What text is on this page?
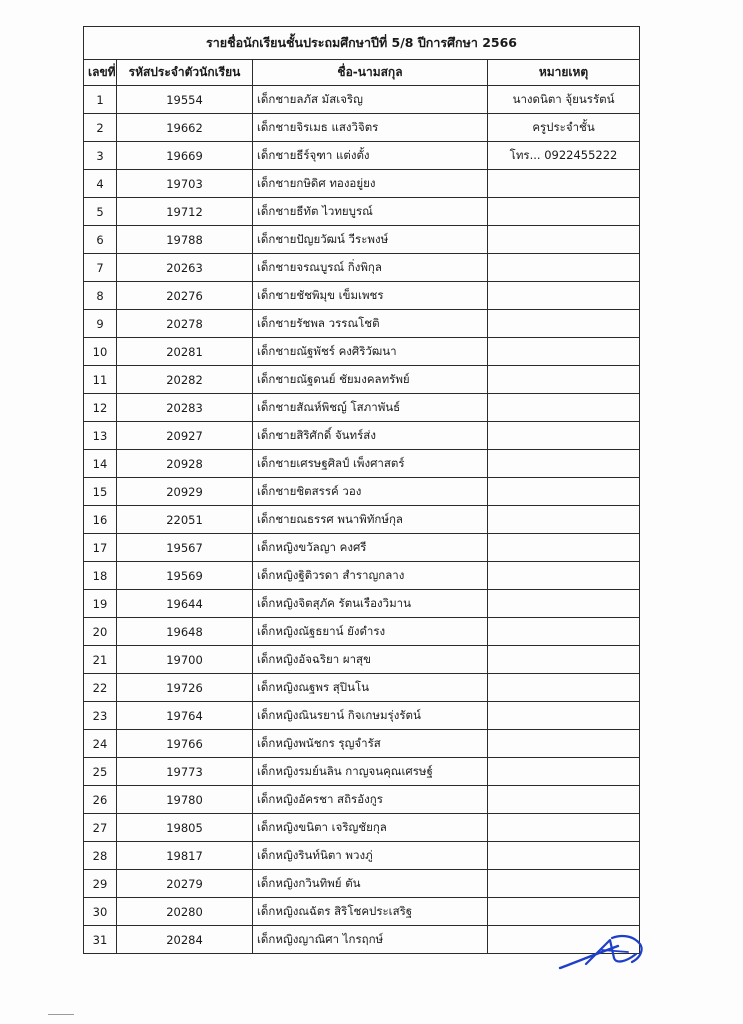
รายชื่อนักเรียนชั้นประถมศึกษาปีที่ 5/8 ปีการศึกษา 2566			
เลขที่	รหัสประจำตัวนักเรียน	ชื่อ-นามสกุล	หมายเหตุ
1	19554	เด็กชายลภัส มัสเจริญ	นางดนิตา จุ้ยนรรัตน์
2	19662	เด็กชายจิรเมธ แสงวิจิตร	ครูประจำชั้น
3	19669	เด็กชายธีร์จุฑา แต่งตั้ง	โทร... 0922455222
4	19703	เด็กชายกษิดิศ ทองอยู่ยง	
5	19712	เด็กชายธีทัต ไวทยบูรณ์	
6	19788	เด็กชายปัญยวัฒน์ วีระพงษ์	
7	20263	เด็กชายจรณบูรณ์ กิ่งพิกุล	
8	20276	เด็กชายชัชพิมุข เข็มเพชร	
9	20278	เด็กชายรัชพล วรรณโชติ	
10	20281	เด็กชายณัฐพัชร์ คงศิริวัฒนา	
11	20282	เด็กชายณัฐดนย์ ชัยมงคลทรัพย์	
12	20283	เด็กชายสัณห์พิชญ์ โสภาพันธ์	
13	20927	เด็กชายสิริศักดิ์ จันทร์ส่ง	
14	20928	เด็กชายเศรษฐศิลป์ เพ็งศาสตร์	
15	20929	เด็กชายชิตสรรค์ วอง	
16	22051	เด็กชายณธรรศ พนาพิทักษ์กุล	
17	19567	เด็กหญิงขวัลญา คงศรี	
18	19569	เด็กหญิงฐิติวรดา สำราญกลาง	
19	19644	เด็กหญิงจิตสุภัค รัตนเรืองวิมาน	
20	19648	เด็กหญิงณัฐธยาน์ ยังดำรง	
21	19700	เด็กหญิงอัจฉริยา ผาสุข	
22	19726	เด็กหญิงณฐพร สุปินโน	
23	19764	เด็กหญิงณินรยาน์ กิจเกษมรุ่งรัตน์	
24	19766	เด็กหญิงพนัชกร รุญจำรัส	
25	19773	เด็กหญิงรมย์นลิน กาญจนคุณเศรษฐ์	
26	19780	เด็กหญิงอัครชา สถิรอังกูร	
27	19805	เด็กหญิงขนิตา เจริญชัยกุล	
28	19817	เด็กหญิงรินท์นิตา พวงภู่	
29	20279	เด็กหญิงกวินทิพย์ ตัน	
30	20280	เด็กหญิงณฉัตร สิริโชคประเสริฐ	
31	20284	เด็กหญิงญาณิศา ไกรฤกษ์	
